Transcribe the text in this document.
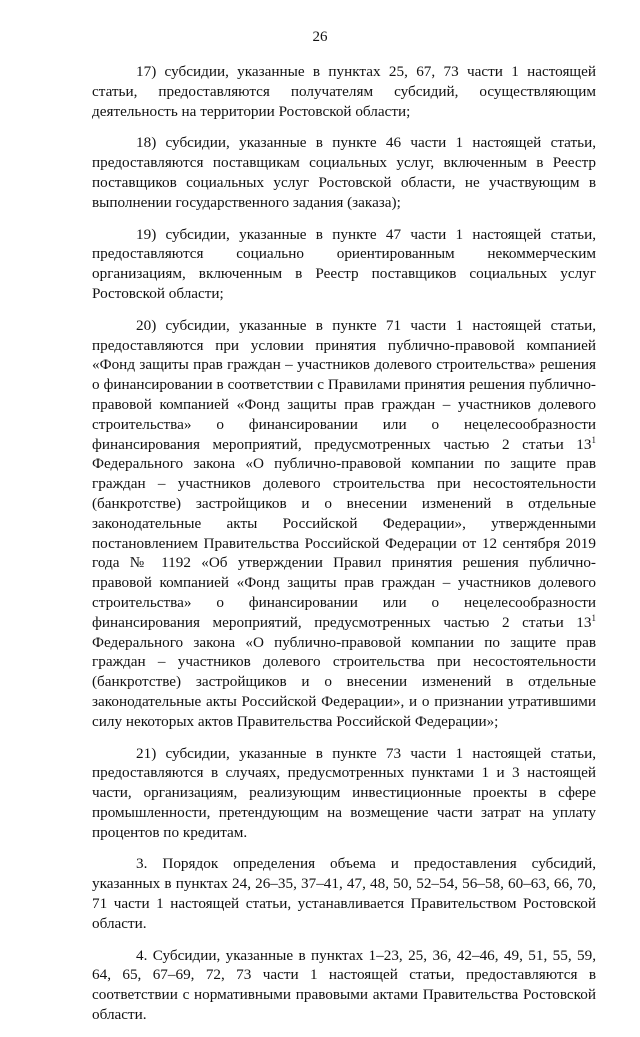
26

17) субсидии, указанные в пунктах 25, 67, 73 части 1 настоящей статьи, предоставляются получателям субсидий, осуществляющим деятельность на территории Ростовской области;

18) субсидии, указанные в пункте 46 части 1 настоящей статьи, предоставляются поставщикам социальных услуг, включенным в Реестр поставщиков социальных услуг Ростовской области, не участвующим в выполнении государственного задания (заказа);

19) субсидии, указанные в пункте 47 части 1 настоящей статьи, предоставляются социально ориентированным некоммерческим организациям, включенным в Реестр поставщиков социальных услуг Ростовской области;

20) субсидии, указанные в пункте 71 части 1 настоящей статьи, предоставляются при условии принятия публично-правовой компанией «Фонд защиты прав граждан – участников долевого строительства» решения о финансировании в соответствии с Правилами принятия решения публично-правовой компанией «Фонд защиты прав граждан – участников долевого строительства» о финансировании или о нецелесообразности финансирования мероприятий, предусмотренных частью 2 статьи $13^1$ Федерального закона «О публично-правовой компании по защите прав граждан – участников долевого строительства при несостоятельности (банкротстве) застройщиков и о внесении изменений в отдельные законодательные акты Российской Федерации», утвержденными постановлением Правительства Российской Федерации от 12 сентября 2019 года № 1192 «Об утверждении Правил принятия решения публично-правовой компанией «Фонд защиты прав граждан – участников долевого строительства» о финансировании или о нецелесообразности финансирования мероприятий, предусмотренных частью 2 статьи $13^1$ Федерального закона «О публично-правовой компании по защите прав граждан – участников долевого строительства при несостоятельности (банкротстве) застройщиков и о внесении изменений в отдельные законодательные акты Российской Федерации», и о признании утратившими силу некоторых актов Правительства Российской Федерации»;

21) субсидии, указанные в пункте 73 части 1 настоящей статьи, предоставляются в случаях, предусмотренных пунктами 1 и 3 настоящей части, организациям, реализующим инвестиционные проекты в сфере промышленности, претендующим на возмещение части затрат на уплату процентов по кредитам.

3. Порядок определения объема и предоставления субсидий, указанных в пунктах 24, 26–35, 37–41, 47, 48, 50, 52–54, 56–58, 60–63, 66, 70, 71 части 1 настоящей статьи, устанавливается Правительством Ростовской области.

4. Субсидии, указанные в пунктах 1–23, 25, 36, 42–46, 49, 51, 55, 59, 64, 65, 67–69, 72, 73 части 1 настоящей статьи, предоставляются в соответствии с нормативными правовыми актами Правительства Ростовской области.
